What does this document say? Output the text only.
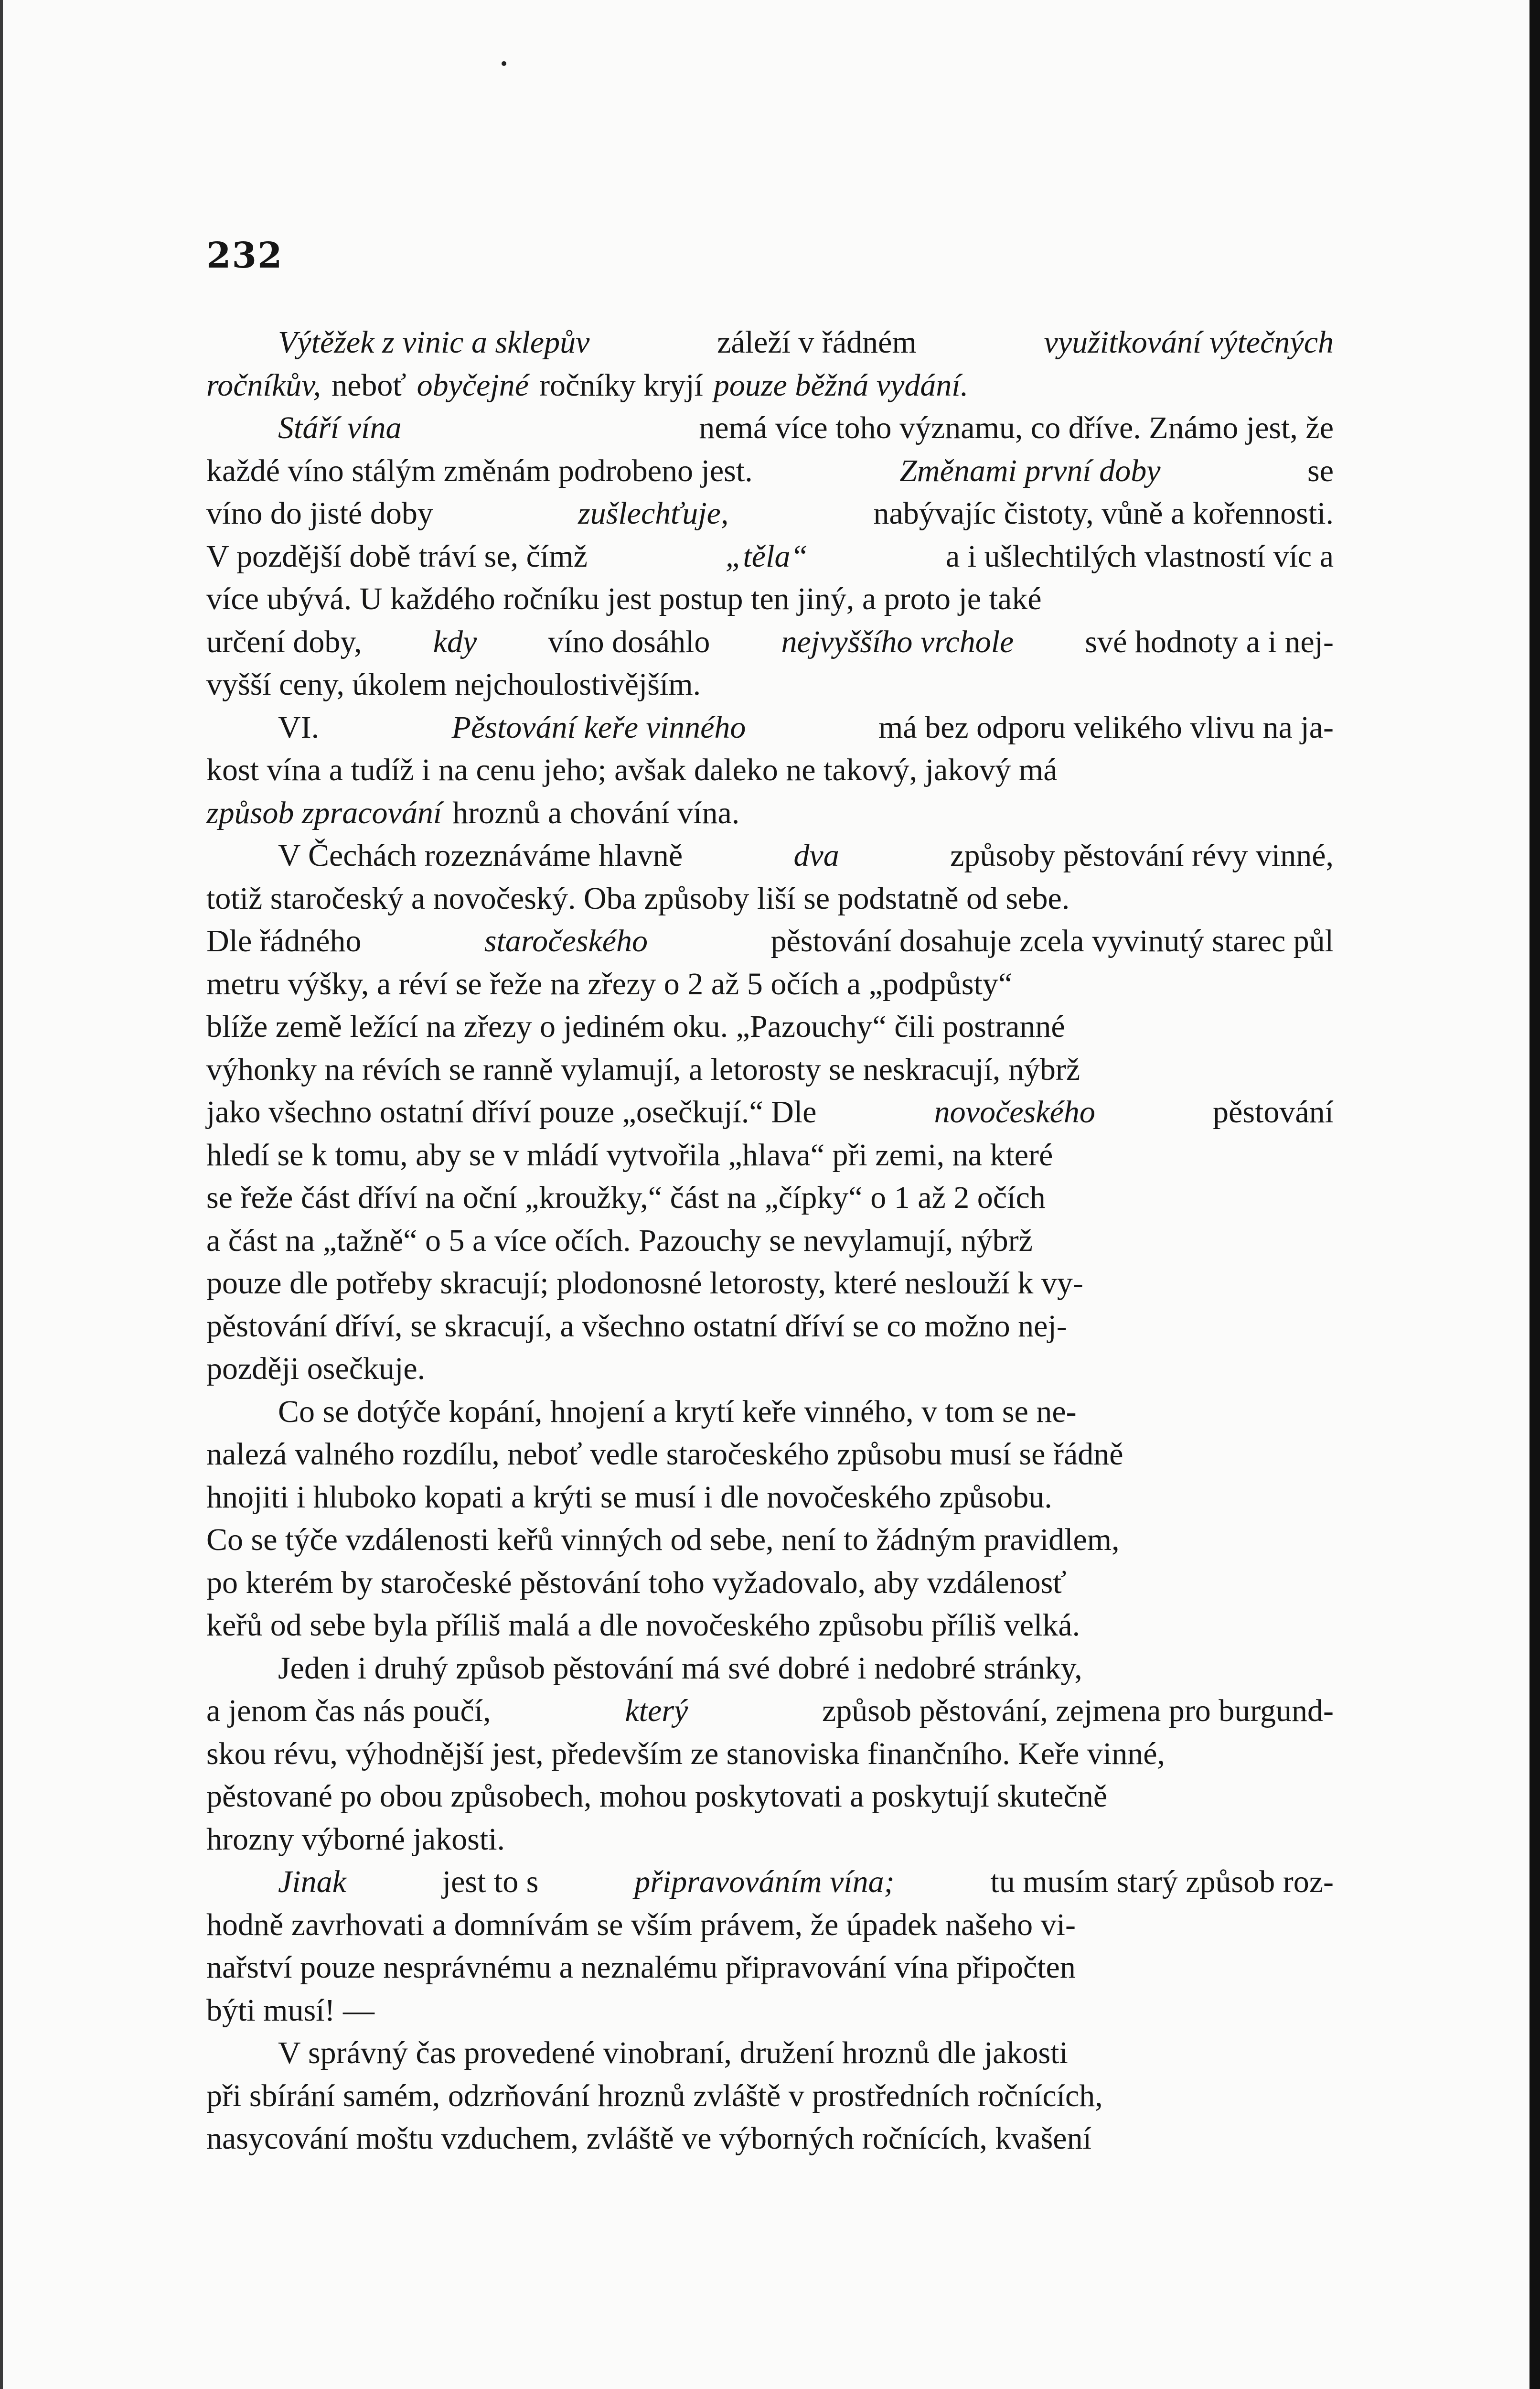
232
Výtěžek z vinic a sklepův	záleží v řádném	využitkování výtečných
ročníkův, neboť obyčejné ročníky kryjí pouze běžná vydání.
Stáří vína	nemá více toho významu, co dříve. Známo jest, že
každé víno stálým změnám podrobeno jest.	Změnami první doby	se
víno do jisté doby	zušlechťuje,	nabývajíc čistoty, vůně a kořennosti.
V pozdější době tráví se, čímž	„těla“	a i ušlechtilých vlastností víc a
více ubývá. U každého ročníku jest postup ten jiný, a proto je také
určení doby, kdy víno dosáhlo nejvyššího vrchole své hodnoty a i nej-
vyšší ceny, úkolem nejchoulostivějším.
VI.	Pěstování keře vinného	má bez odporu velikého vlivu na ja-
kost vína a tudíž i na cenu jeho; avšak daleko ne takový, jakový má
způsob zpracování hroznů a chování vína.
V Čechách rozeznáváme hlavně	dva	způsoby pěstování révy vinné,
totiž staročeský a novočeský. Oba způsoby liší se podstatně od sebe.
Dle řádného	staročeského	pěstování dosahuje zcela vyvinutý starec půl
metru výšky, a réví se řeže na zřezy o 2 až 5 očích a „podpůsty“
blíže země ležící na zřezy o jediném oku. „Pazouchy“ čili postranné
výhonky na révích se ranně vylamují, a letorosty se neskracují, nýbrž
jako všechno ostatní dříví pouze „osečkují.“ Dle	novočeského	pěstování
hledí se k tomu, aby se v mládí vytvořila „hlava“ při zemi, na které
se řeže část dříví na oční „kroužky,“ část na „čípky“ o 1 až 2 očích
a část na „tažně“ o 5 a více očích. Pazouchy se nevylamují, nýbrž
pouze dle potřeby skracují; plodonosné letorosty, které neslouží k vy-
pěstování dříví, se skracují, a všechno ostatní dříví se co možno nej-
později osečkuje.
Co se dotýče kopání, hnojení a krytí keře vinného, v tom se ne-
nalezá valného rozdílu, neboť vedle staročeského způsobu musí se řádně
hnojiti i hluboko kopati a krýti se musí i dle novočeského způsobu.
Co se týče vzdálenosti keřů vinných od sebe, není to žádným pravidlem,
po kterém by staročeské pěstování toho vyžadovalo, aby vzdálenosť
keřů od sebe byla příliš malá a dle novočeského způsobu příliš velká.
Jeden i druhý způsob pěstování má své dobré i nedobré stránky,
a jenom čas nás poučí,	který	způsob pěstování, zejmena pro burgund-
skou révu, výhodnější jest, především ze stanoviska finančního. Keře vinné,
pěstované po obou způsobech, mohou poskytovati a poskytují skutečně
hrozny výborné jakosti.
Jinak	jest to s	připravováním vína;	tu musím starý způsob roz-
hodně zavrhovati a domnívám se vším právem, že úpadek našeho vi-
nařství pouze nesprávnému a neznalému připravování vína připočten
býti musí! —
V správný čas provedené vinobraní, družení hroznů dle jakosti
při sbírání samém, odzrňování hroznů zvláště v prostředních ročnících,
nasycování moštu vzduchem, zvláště ve výborných ročnících, kvašení
